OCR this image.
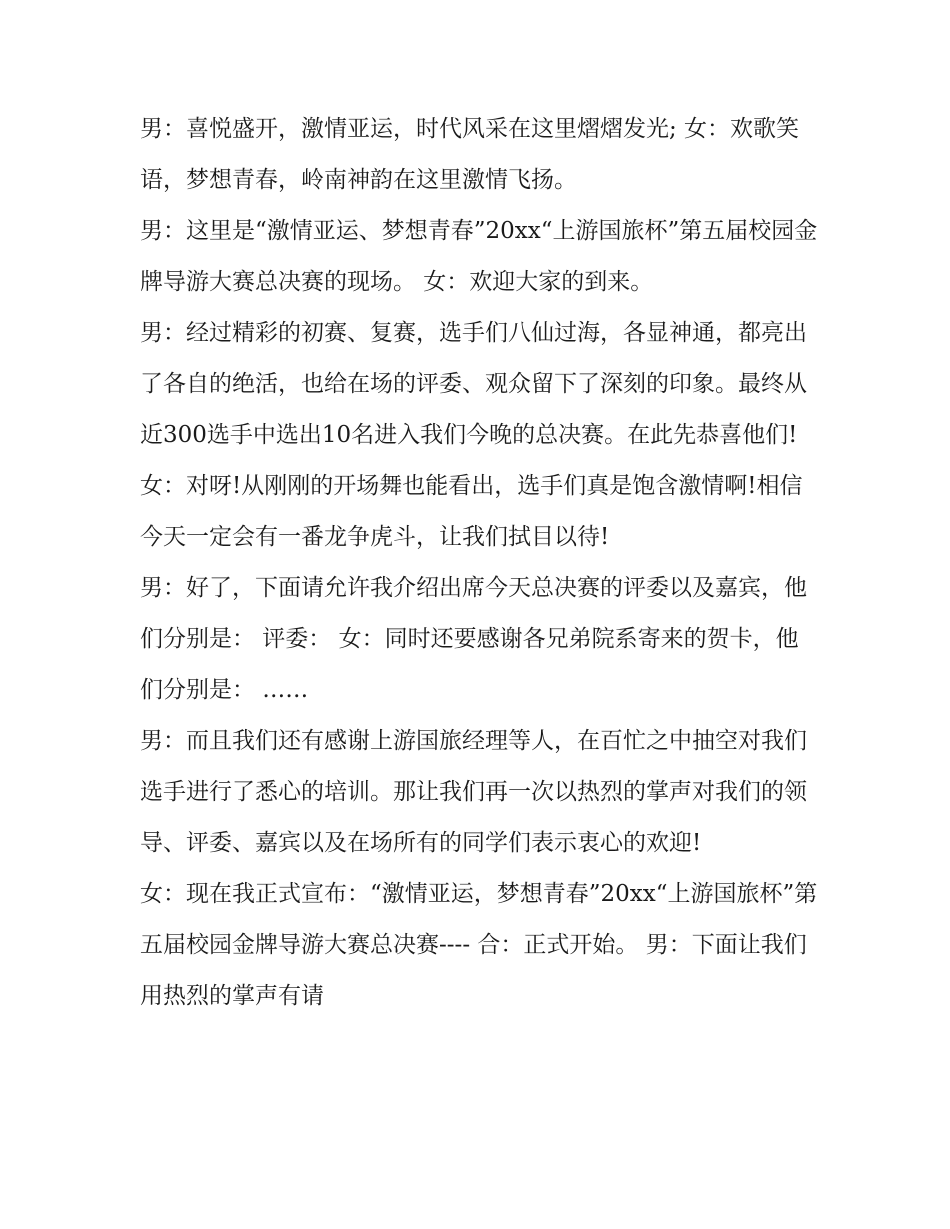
男：喜悦盛开，激情亚运，时代风采在这里熠熠发光; 女：欢歌笑语，梦想青春，岭南神韵在这里激情飞扬。

男：这里是“激情亚运、梦想青春”20xx“上游国旅杯”第五届校园金牌导游大赛总决赛的现场。 女：欢迎大家的到来。

男：经过精彩的初赛、复赛，选手们八仙过海，各显神通，都亮出了各自的绝活，也给在场的评委、观众留下了深刻的印象。最终从近300选手中选出10名进入我们今晚的总决赛。在此先恭喜他们!

女：对呀!从刚刚的开场舞也能看出，选手们真是饱含激情啊!相信今天一定会有一番龙争虎斗，让我们拭目以待!

男：好了，下面请允许我介绍出席今天总决赛的评委以及嘉宾，他们分别是： 评委： 女：同时还要感谢各兄弟院系寄来的贺卡，他们分别是： ……

男：而且我们还有感谢上游国旅经理等人，在百忙之中抽空对我们选手进行了悉心的培训。那让我们再一次以热烈的掌声对我们的领导、评委、嘉宾以及在场所有的同学们表示衷心的欢迎!

女：现在我正式宣布：“激情亚运，梦想青春”20xx“上游国旅杯”第五届校园金牌导游大赛总决赛---- 合：正式开始。 男：下面让我们用热烈的掌声有请
